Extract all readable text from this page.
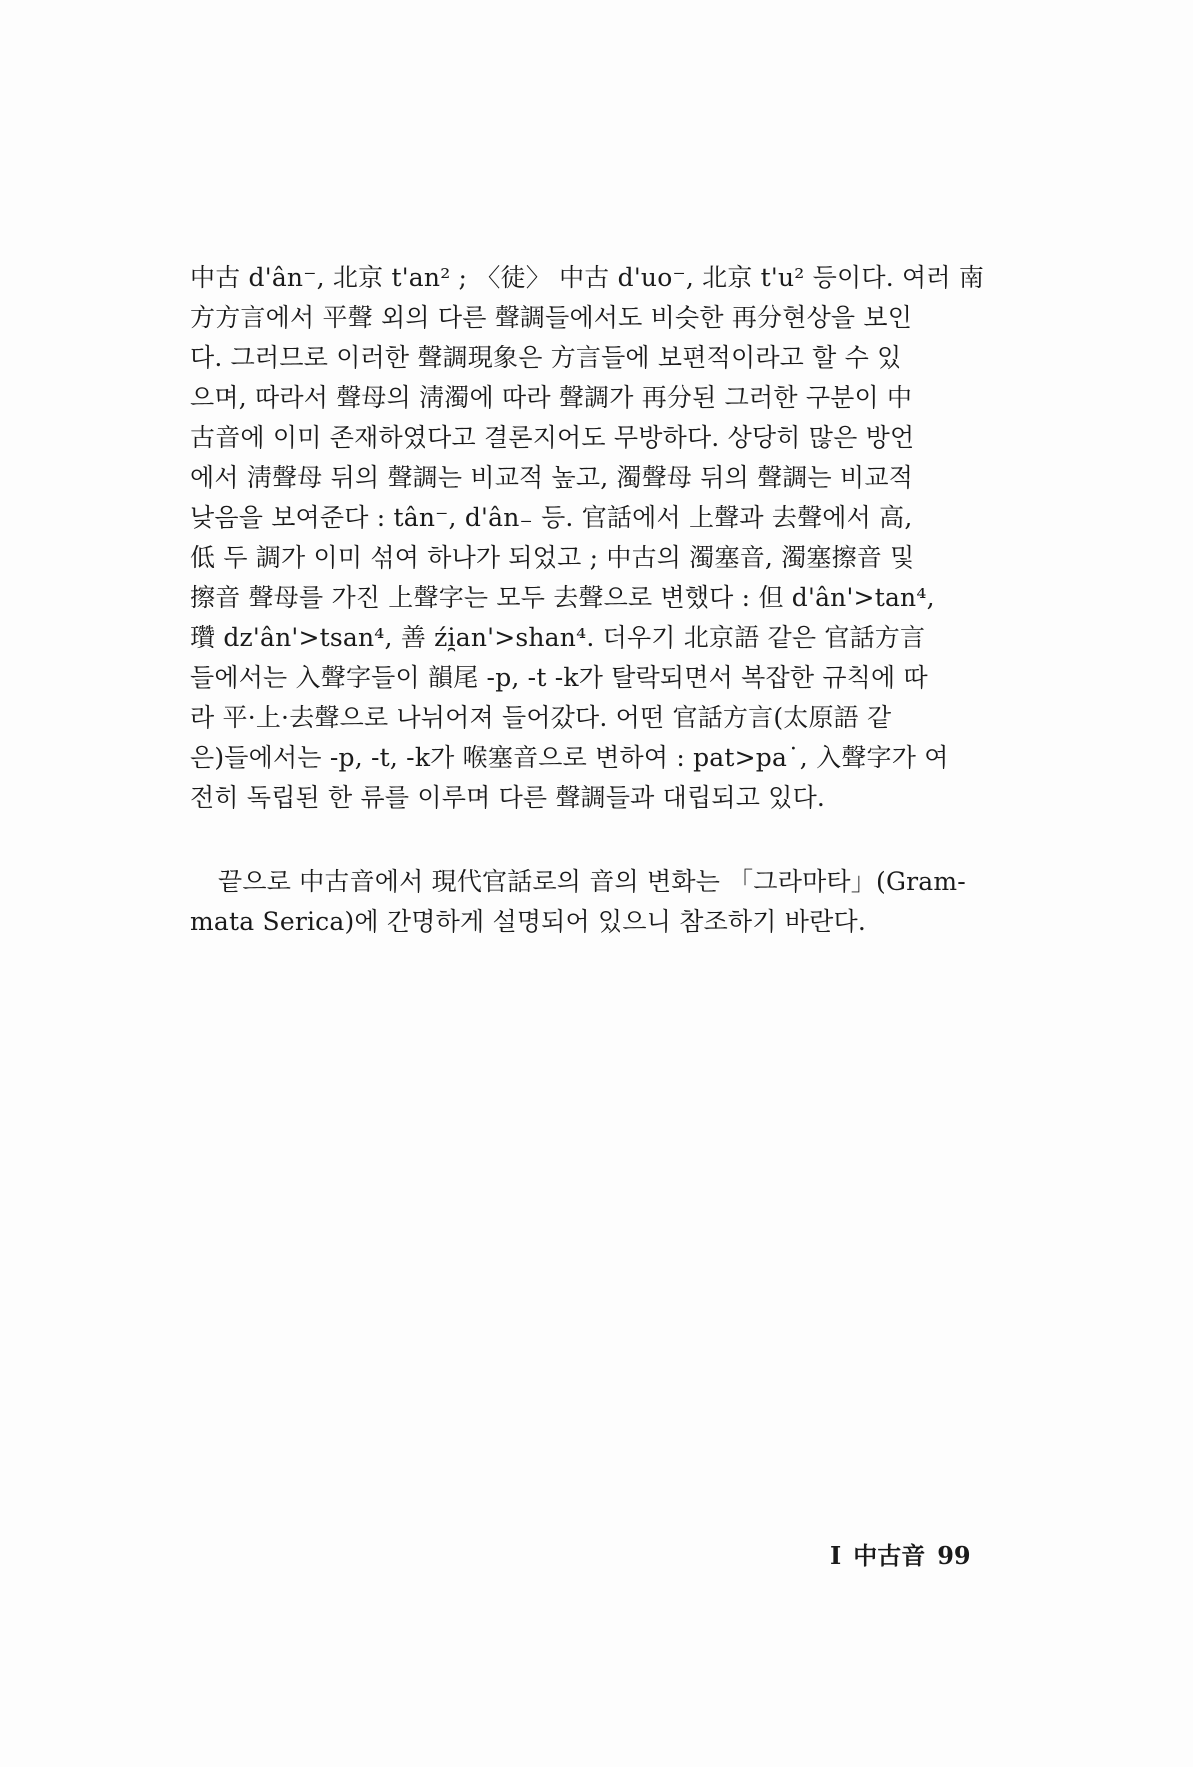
中古 d'ân⁻, 北京 t'an² ; 〈徒〉 中古 d'uo⁻, 北京 t'u² 등이다. 여러 南
方方言에서 平聲 외의 다른 聲調들에서도 비슷한 再分현상을 보인
다. 그러므로 이러한 聲調現象은 方言들에 보편적이라고 할 수 있
으며, 따라서 聲母의 淸濁에 따라 聲調가 再分된 그러한 구분이 中
古音에 이미 존재하였다고 결론지어도 무방하다. 상당히 많은 방언
에서 淸聲母 뒤의 聲調는 비교적 높고, 濁聲母 뒤의 聲調는 비교적
낮음을 보여준다 : tân⁻, d'ân₋ 등. 官話에서 上聲과 去聲에서 高,
低 두 調가 이미 섞여 하나가 되었고 ; 中古의 濁塞音, 濁塞擦音 및
擦音 聲母를 가진 上聲字는 모두 去聲으로 변했다 : 但 d'ân'>tan⁴,
瓚 dz'ân'>tsan⁴, 善 źi̯an'>shan⁴. 더우기 北京語 같은 官話方言
들에서는 入聲字들이 韻尾 -p, -t -k가 탈락되면서 복잡한 규칙에 따
라 平·上·去聲으로 나뉘어져 들어갔다. 어떤 官話方言(太原語 같
은)들에서는 -p, -t, -k가 喉塞音으로 변하여 : pat>pa˙, 入聲字가 여
전히 독립된 한 류를 이루며 다른 聲調들과 대립되고 있다.
끝으로 中古音에서 現代官話로의 音의 변화는 「그라마타」(Gram-
mata Serica)에 간명하게 설명되어 있으니 참조하기 바란다.
I 中古音 99
